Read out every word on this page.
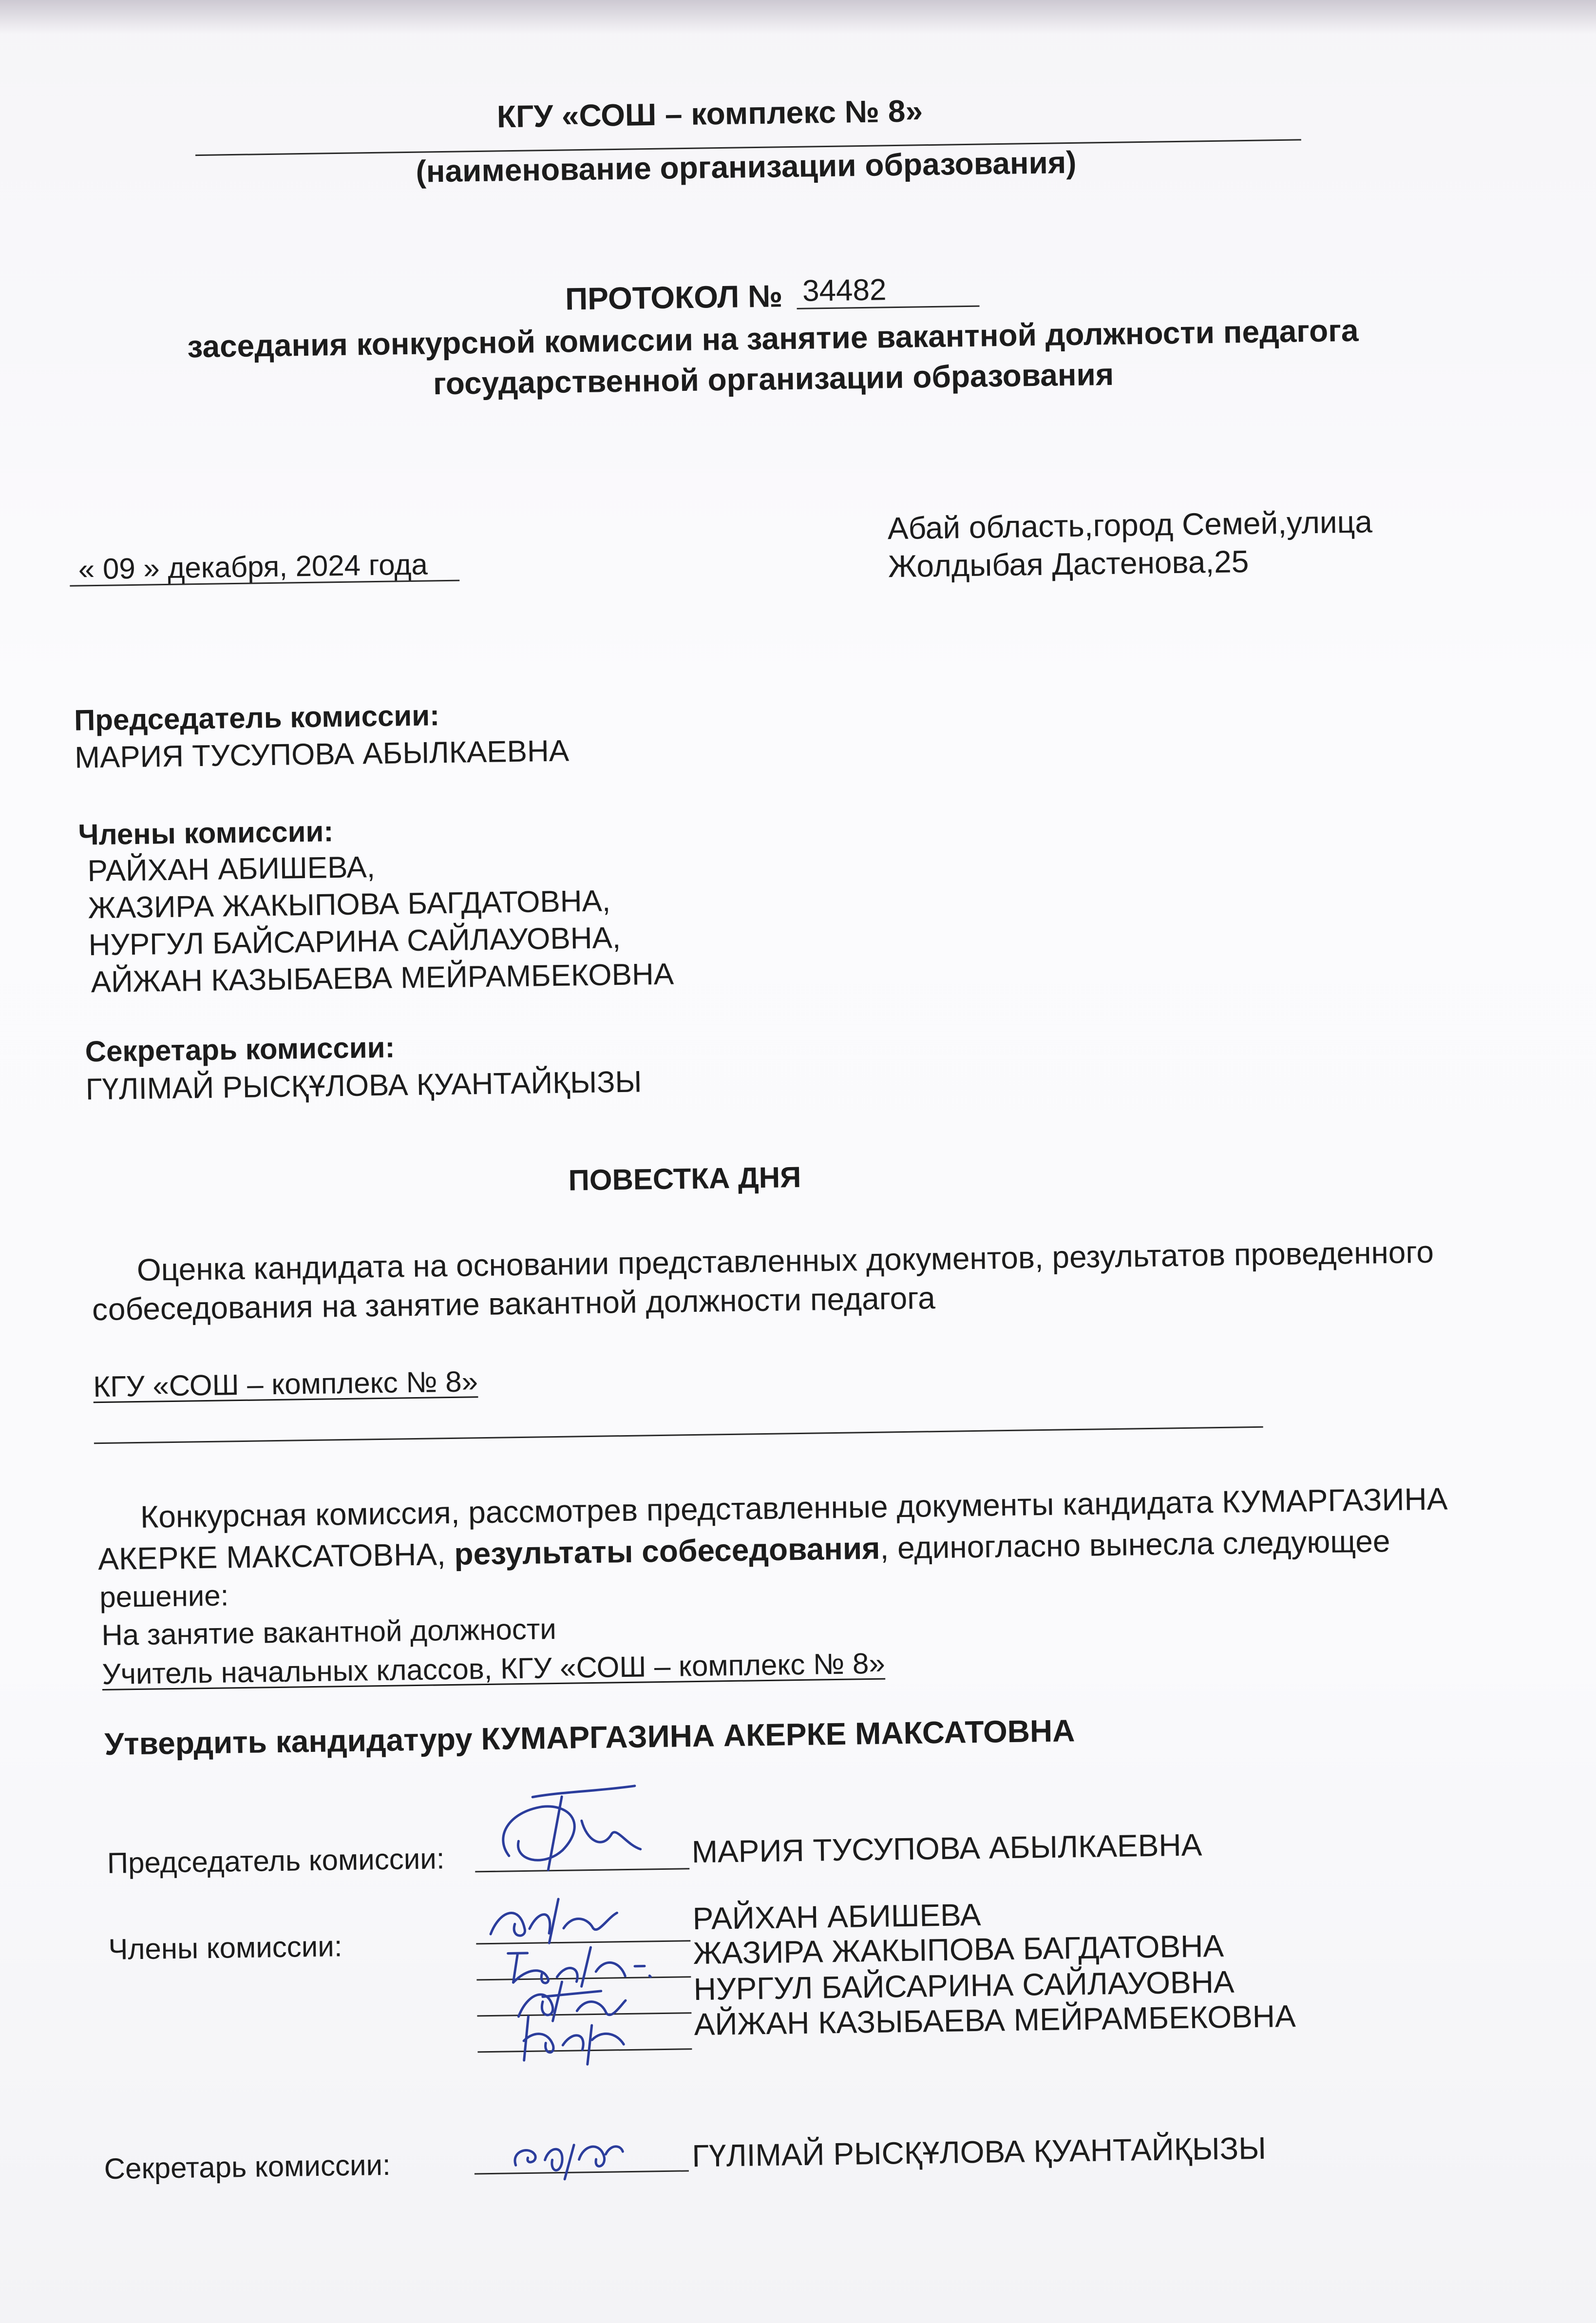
КГУ «СОШ – комплекс № 8»
(наименование организации образования)
ПРОТОКОЛ № 34482
заседания конкурсной комиссии на занятие вакантной должности педагога
государственной организации образования
« 09 » декабря, 2024 года
Абай область,город Семей,улица
Жолдыбая Дастенова,25
Председатель комиссии:
МАРИЯ ТУСУПОВА АБЫЛКАЕВНА
Члены комиссии:
РАЙХАН АБИШЕВА,
ЖАЗИРА ЖАКЫПОВА БАГДАТОВНА,
НУРГУЛ БАЙСАРИНА САЙЛАУОВНА,
АЙЖАН КАЗЫБАЕВА МЕЙРАМБЕКОВНА
Секретарь комиссии:
ГҮЛІМАЙ РЫСҚҰЛОВА ҚУАНТАЙҚЫЗЫ
ПОВЕСТКА ДНЯ
Оценка кандидата на основании представленных документов, результатов проведенного
собеседования на занятие вакантной должности педагога
КГУ «СОШ – комплекс № 8»
Конкурсная комиссия, рассмотрев представленные документы кандидата КУМАРГАЗИНА
АКЕРКЕ МАКСАТОВНА, результаты собеседования, единогласно вынесла следующее
решение:
На занятие вакантной должности
Учитель начальных классов, КГУ «СОШ – комплекс № 8»
Утвердить кандидатуру КУМАРГАЗИНА АКЕРКЕ МАКСАТОВНА
Председатель комиссии:	МАРИЯ ТУСУПОВА АБЫЛКАЕВНА
Члены комиссии:
РАЙХАН АБИШЕВА
ЖАЗИРА ЖАКЫПОВА БАГДАТОВНА
НУРГУЛ БАЙСАРИНА САЙЛАУОВНА
АЙЖАН КАЗЫБАЕВА МЕЙРАМБЕКОВНА
Секретарь комиссии:	ГҮЛІМАЙ РЫСҚҰЛОВА ҚУАНТАЙҚЫЗЫ
